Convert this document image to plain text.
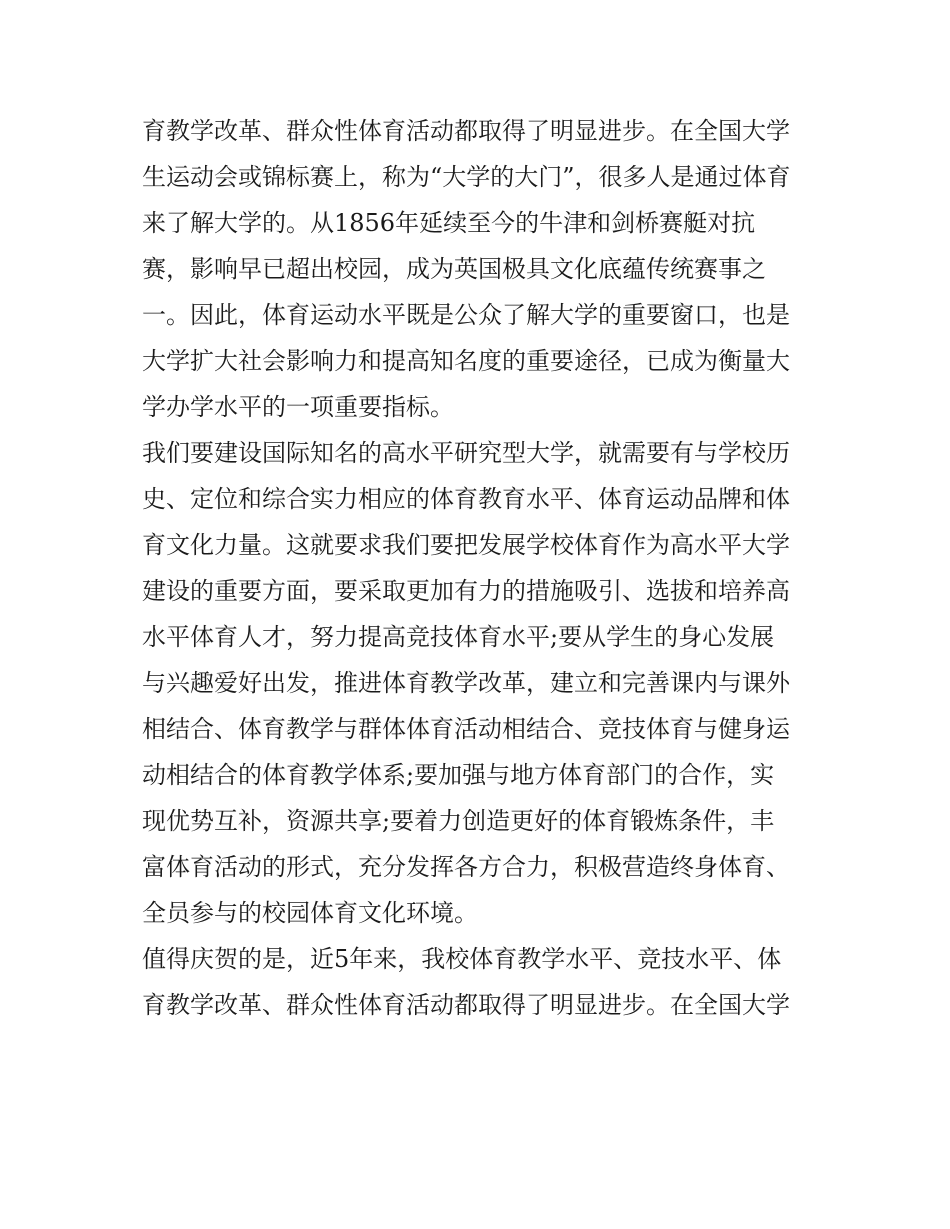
育教学改革、群众性体育活动都取得了明显进步。在全国大学
生运动会或锦标赛上，称为“大学的大门”，很多人是通过体育
来了解大学的。从1856年延续至今的牛津和剑桥赛艇对抗
赛，影响早已超出校园，成为英国极具文化底蕴传统赛事之
一。因此，体育运动水平既是公众了解大学的重要窗口，也是
大学扩大社会影响力和提高知名度的重要途径，已成为衡量大
学办学水平的一项重要指标。
我们要建设国际知名的高水平研究型大学，就需要有与学校历
史、定位和综合实力相应的体育教育水平、体育运动品牌和体
育文化力量。这就要求我们要把发展学校体育作为高水平大学
建设的重要方面，要采取更加有力的措施吸引、选拔和培养高
水平体育人才，努力提高竞技体育水平;要从学生的身心发展
与兴趣爱好出发，推进体育教学改革，建立和完善课内与课外
相结合、体育教学与群体体育活动相结合、竞技体育与健身运
动相结合的体育教学体系;要加强与地方体育部门的合作，实
现优势互补，资源共享;要着力创造更好的体育锻炼条件，丰
富体育活动的形式，充分发挥各方合力，积极营造终身体育、
全员参与的校园体育文化环境。
值得庆贺的是，近5年来，我校体育教学水平、竞技水平、体
育教学改革、群众性体育活动都取得了明显进步。在全国大学
